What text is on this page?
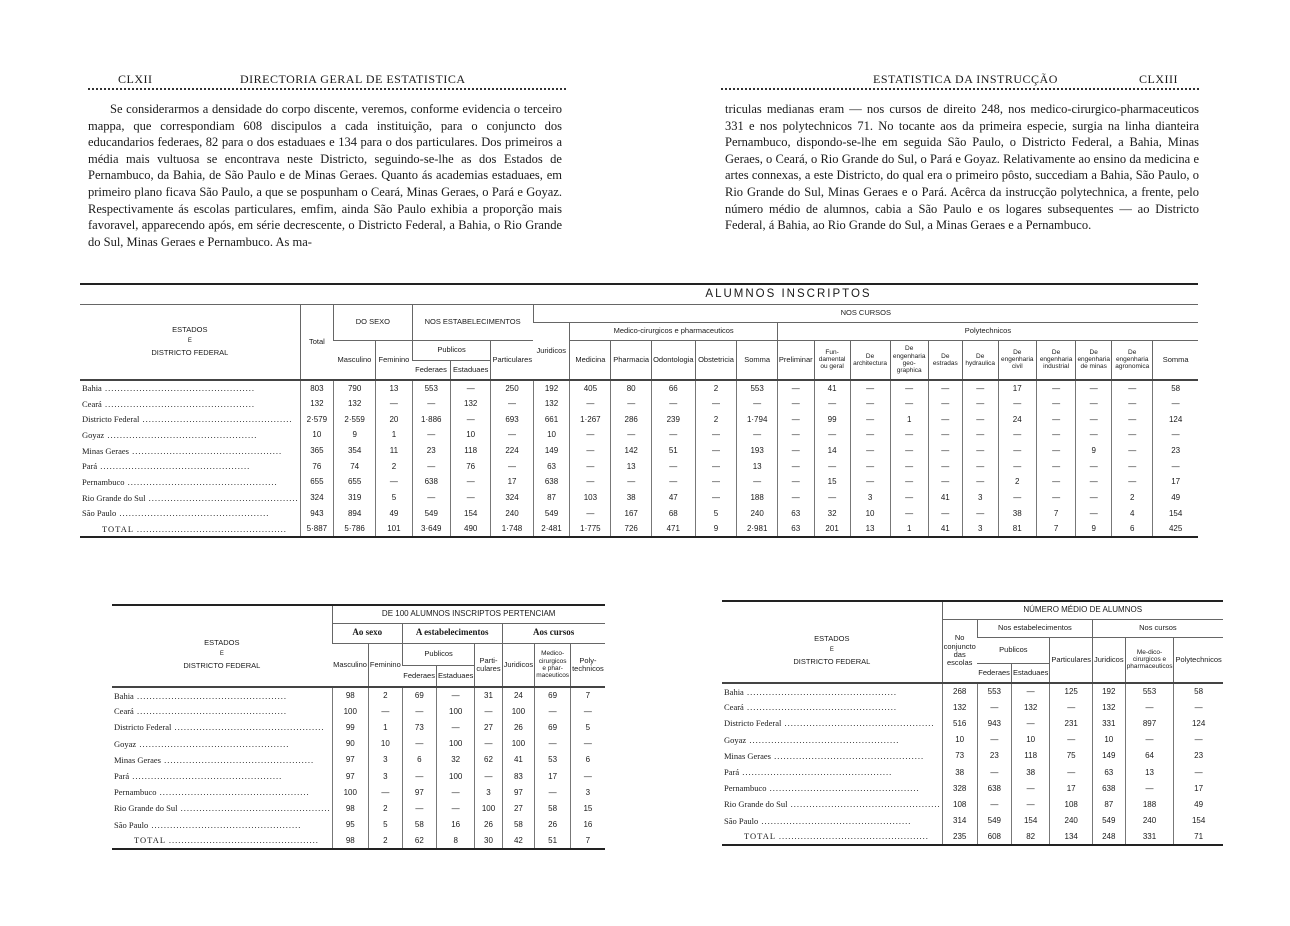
CLXII	DIRECTORIA GERAL DE ESTATISTICA

Se considerarmos a densidade do corpo discente, veremos, conforme evidencia o terceiro mappa, que correspondiam 608 discipulos a cada instituição, para o conjuncto dos educandarios federaes, 82 para o dos estaduaes e 134 para o dos particulares. Dos primeiros a média mais vultuosa se encontrava neste Districto, seguindo-se-lhe as dos Estados de Pernambuco, da Bahia, de São Paulo e de Minas Geraes. Quanto ás academias estaduaes, em primeiro plano ficava São Paulo, a que se pospunham o Ceará, Minas Geraes, o Pará e Goyaz. Respectivamente ás escolas particulares, emfim, ainda São Paulo exhibia a proporção mais favoravel, apparecendo após, em série decrescente, o Districto Federal, a Bahia, o Rio Grande do Sul, Minas Geraes e Pernambuco. As ma-

ESTATISTICA DA INSTRUCÇÃO	CLXIII

triculas medianas eram — nos cursos de direito 248, nos medico-cirurgico-pharmaceuticos 331 e nos polytechnicos 71. No tocante aos da primeira especie, surgia na linha dianteira Pernambuco, dispondo-se-lhe em seguida São Paulo, o Districto Federal, a Bahia, Minas Geraes, o Ceará, o Rio Grande do Sul, o Pará e Goyaz. Relativamente ao ensino da medicina e artes connexas, a este Districto, do qual era o primeiro pôsto, succediam a Bahia, São Paulo, o Rio Grande do Sul, Minas Geraes e o Pará. Acêrca da instrucção polytechnica, a frente, pelo número médio de alumnos, cabia a São Paulo e os logares subsequentes — ao Districto Federal, á Bahia, ao Rio Grande do Sul, a Minas Geraes e a Pernambuco.

ALUMNOS INSCRIPTOS																							

ESTADOS
E
DISTRICTO FEDERAL	Total	DO SEXO		NOS ESTABELECIMENTOS			NOS CURSOS																
							Juridicos	Medico-cirurgicos e pharmaceuticos					Polytechnicos										
		Masculino	Feminino	Publicos		Particulares		Medicina	Pharmacia	Odontologia	Obstetricia	Somma	Preliminar	Fun-damental ou geral	De architectura	De engenharia geo-graphica	De estradas	De hydraulica	De engenharia civil	De engenharia industrial	De engenharia de minas	De engenharia agronomica	Somma
				Federaes	Estaduaes																		
Bahia .....	803	790	13	553	—	250	192	405	80	66	2	553	—	41	—	—	—	—	17	—	—	—	58
Ceará .....	132	132	—	—	132	—	132	—	—	—	—	—	—	—	—	—	—	—	—	—	—	—	—
Districto Federal .....	2·579	2·559	20	1·886	—	693	661	1·267	286	239	2	1·794	—	99	—	1	—	—	24	—	—	—	124
Goyaz .....	10	9	1	—	10	—	10	—	—	—	—	—	—	—	—	—	—	—	—	—	—	—	—
Minas Geraes .....	365	354	11	23	118	224	149	—	142	51	—	193	—	14	—	—	—	—	—	—	9	—	23
Pará .....	76	74	2	—	76	—	63	—	13	—	—	13	—	—	—	—	—	—	—	—	—	—	—
Pernambuco .....	655	655	—	638	—	17	638	—	—	—	—	—	—	15	—	—	—	—	2	—	—	—	17
Rio Grande do Sul .....	324	319	5	—	—	324	87	103	38	47	—	188	—	—	3	—	41	3	—	—	—	2	49
São Paulo .....	943	894	49	549	154	240	549	—	167	68	5	240	63	32	10	—	—	—	38	7	—	4	154
TOTAL .....	5·887	5·786	101	3·649	490	1·748	2·481	1·775	726	471	9	2·981	63	201	13	1	41	3	81	7	9	6	425
	DE 100 ALUMNOS INSCRIPTOS PERTENCIAM							

ESTADOS
E
DISTRICTO FEDERAL	Ao sexo		A estabelecimentos			Aos cursos		
	Masculino	Feminino	Publicos		Parti-culares	Juridicos	Medico-cirurgicos e phar-maceuticos	Poly-technicos
			Federaes	Estaduaes				
Bahia .....	98	2	69	—	31	24	69	7
Ceará .....	100	—	—	100	—	100	—	—
Districto Federal .....	99	1	73	—	27	26	69	5
Goyaz .....	90	10	—	100	—	100	—	—
Minas Geraes .....	97	3	6	32	62	41	53	6
Pará .....	97	3	—	100	—	83	17	—
Pernambuco .....	100	—	97	—	3	97	—	3
Rio Grande do Sul .....	98	2	—	—	100	27	58	15
São Paulo .....	95	5	58	16	26	58	26	16
TOTAL .....	98	2	62	8	30	42	51	7
	NÚMERO MÉDIO DE ALUMNOS						

ESTADOS
E
DISTRICTO FEDERAL	No conjuncto das escolas	Nos estabelecimentos			Nos cursos		
		Publicos		Particulares	Juridicos	Me-dico-cirurgicos e pharmaceuticos	Polytechnicos
		Federaes	Estaduaes				
Bahia .....	268	553	—	125	192	553	58
Ceará .....	132	—	132	—	132	—	—
Districto Federal .....	516	943	—	231	331	897	124
Goyaz .....	10	—	10	—	10	—	—
Minas Geraes .....	73	23	118	75	149	64	23
Pará .....	38	—	38	—	63	13	—
Pernambuco .....	328	638	—	17	638	—	17
Rio Grande do Sul .....	108	—	—	108	87	188	49
São Paulo .....	314	549	154	240	549	240	154
TOTAL .....	235	608	82	134	248	331	71
